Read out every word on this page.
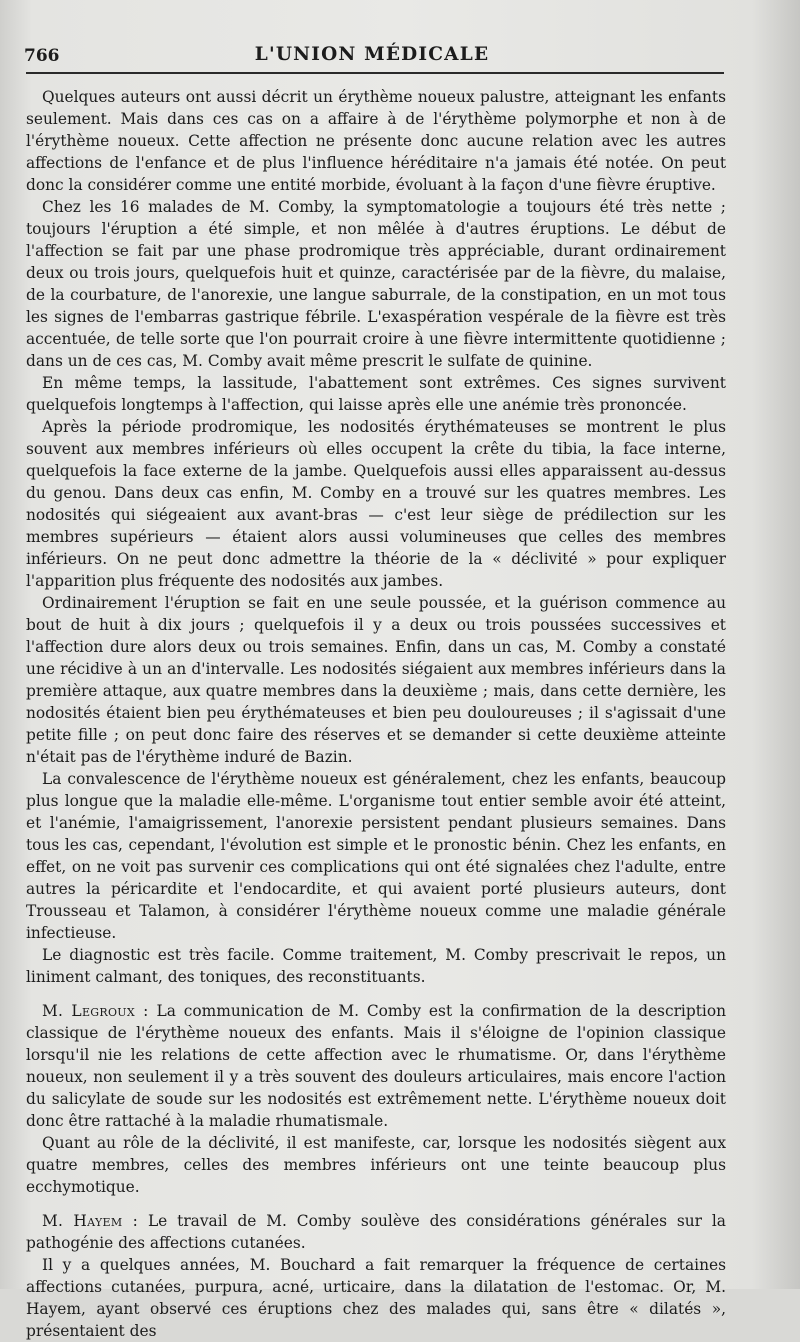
766	L'UNION MÉDICALE

Quelques auteurs ont aussi décrit un érythème noueux palustre, atteignant les enfants seulement. Mais dans ces cas on a affaire à de l'érythème polymorphe et non à de l'érythème noueux. Cette affection ne présente donc aucune relation avec les autres affections de l'enfance et de plus l'influence héréditaire n'a jamais été notée. On peut donc la considérer comme une entité morbide, évoluant à la façon d'une fièvre éruptive.

Chez les 16 malades de M. Comby, la symptomatologie a toujours été très nette ; toujours l'éruption a été simple, et non mêlée à d'autres éruptions. Le début de l'affection se fait par une phase prodromique très appréciable, durant ordinairement deux ou trois jours, quelquefois huit et quinze, caractérisée par de la fièvre, du malaise, de la courbature, de l'anorexie, une langue saburrale, de la constipation, en un mot tous les signes de l'embarras gastrique fébrile. L'exaspération vespérale de la fièvre est très accentuée, de telle sorte que l'on pourrait croire à une fièvre intermittente quotidienne ; dans un de ces cas, M. Comby avait même prescrit le sulfate de quinine.

En même temps, la lassitude, l'abattement sont extrêmes. Ces signes survivent quelquefois longtemps à l'affection, qui laisse après elle une anémie très prononcée.

Après la période prodromique, les nodosités érythémateuses se montrent le plus souvent aux membres inférieurs où elles occupent la crête du tibia, la face interne, quelquefois la face externe de la jambe. Quelquefois aussi elles apparaissent au-dessus du genou. Dans deux cas enfin, M. Comby en a trouvé sur les quatres membres. Les nodosités qui siégeaient aux avant-bras — c'est leur siège de prédilection sur les membres supérieurs — étaient alors aussi volumineuses que celles des membres inférieurs. On ne peut donc admettre la théorie de la « déclivité » pour expliquer l'apparition plus fréquente des nodosités aux jambes.

Ordinairement l'éruption se fait en une seule poussée, et la guérison commence au bout de huit à dix jours ; quelquefois il y a deux ou trois poussées successives et l'affection dure alors deux ou trois semaines. Enfin, dans un cas, M. Comby a constaté une récidive à un an d'intervalle. Les nodosités siégaient aux membres inférieurs dans la première attaque, aux quatre membres dans la deuxième ; mais, dans cette dernière, les nodosités étaient bien peu érythémateuses et bien peu douloureuses ; il s'agissait d'une petite fille ; on peut donc faire des réserves et se demander si cette deuxième atteinte n'était pas de l'érythème induré de Bazin.

La convalescence de l'érythème noueux est généralement, chez les enfants, beaucoup plus longue que la maladie elle-même. L'organisme tout entier semble avoir été atteint, et l'anémie, l'amaigrissement, l'anorexie persistent pendant plusieurs semaines. Dans tous les cas, cependant, l'évolution est simple et le pronostic bénin. Chez les enfants, en effet, on ne voit pas survenir ces complications qui ont été signalées chez l'adulte, entre autres la péricardite et l'endocardite, et qui avaient porté plusieurs auteurs, dont Trousseau et Talamon, à considérer l'érythème noueux comme une maladie générale infectieuse.

Le diagnostic est très facile. Comme traitement, M. Comby prescrivait le repos, un liniment calmant, des toniques, des reconstituants.

M. Legroux : La communication de M. Comby est la confirmation de la description classique de l'érythème noueux des enfants. Mais il s'éloigne de l'opinion classique lorsqu'il nie les relations de cette affection avec le rhumatisme. Or, dans l'érythème noueux, non seulement il y a très souvent des douleurs articulaires, mais encore l'action du salicylate de soude sur les nodosités est extrêmement nette. L'érythème noueux doit donc être rattaché à la maladie rhumatismale.

Quant au rôle de la déclivité, il est manifeste, car, lorsque les nodosités siègent aux quatre membres, celles des membres inférieurs ont une teinte beaucoup plus ecchymotique.

M. Hayem : Le travail de M. Comby soulève des considérations générales sur la pathogénie des affections cutanées.

Il y a quelques années, M. Bouchard a fait remarquer la fréquence de certaines affections cutanées, purpura, acné, urticaire, dans la dilatation de l'estomac. Or, M. Hayem, ayant observé ces éruptions chez des malades qui, sans être « dilatés », présentaient des
